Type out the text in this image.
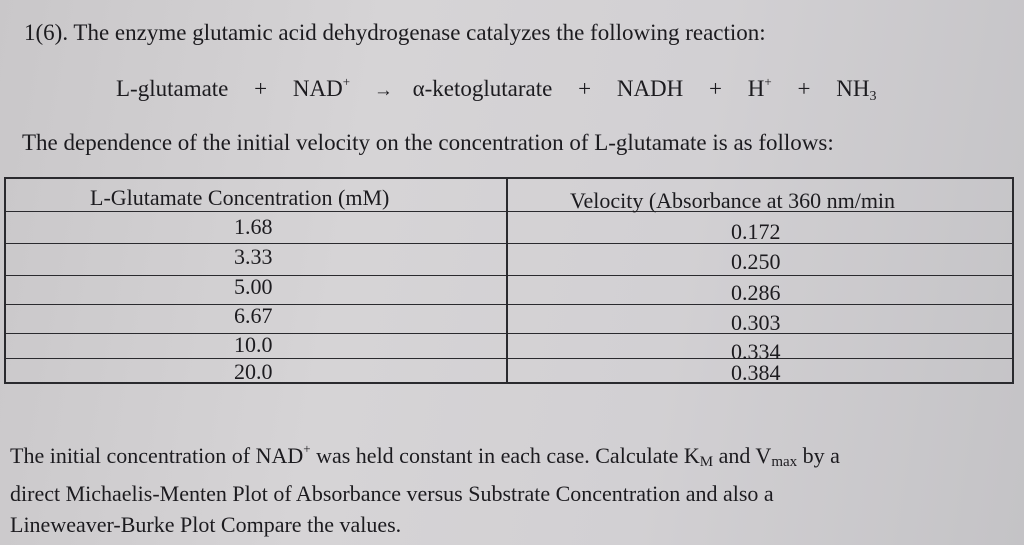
1(6). The enzyme glutamic acid dehydrogenase catalyzes the following reaction:
L-glutamate + NAD+ → α-ketoglutarate + NADH + $H^+ + NH_3$
The dependence of the initial velocity on the concentration of L-glutamate is as follows:
L-Glutamate Concentration (mM)	Velocity (Absorbance at 360 nm/min
1.68
3.33
5.00
6.67
10.0
20.0
0.172
0.250
0.286
0.303
0.334
0.384
The initial concentration of NAD+ was held constant in each case. Calculate KM and Vmax by a
direct Michaelis-Menten Plot of Absorbance versus Substrate Concentration and also a
Lineweaver-Burke Plot Compare the values.
